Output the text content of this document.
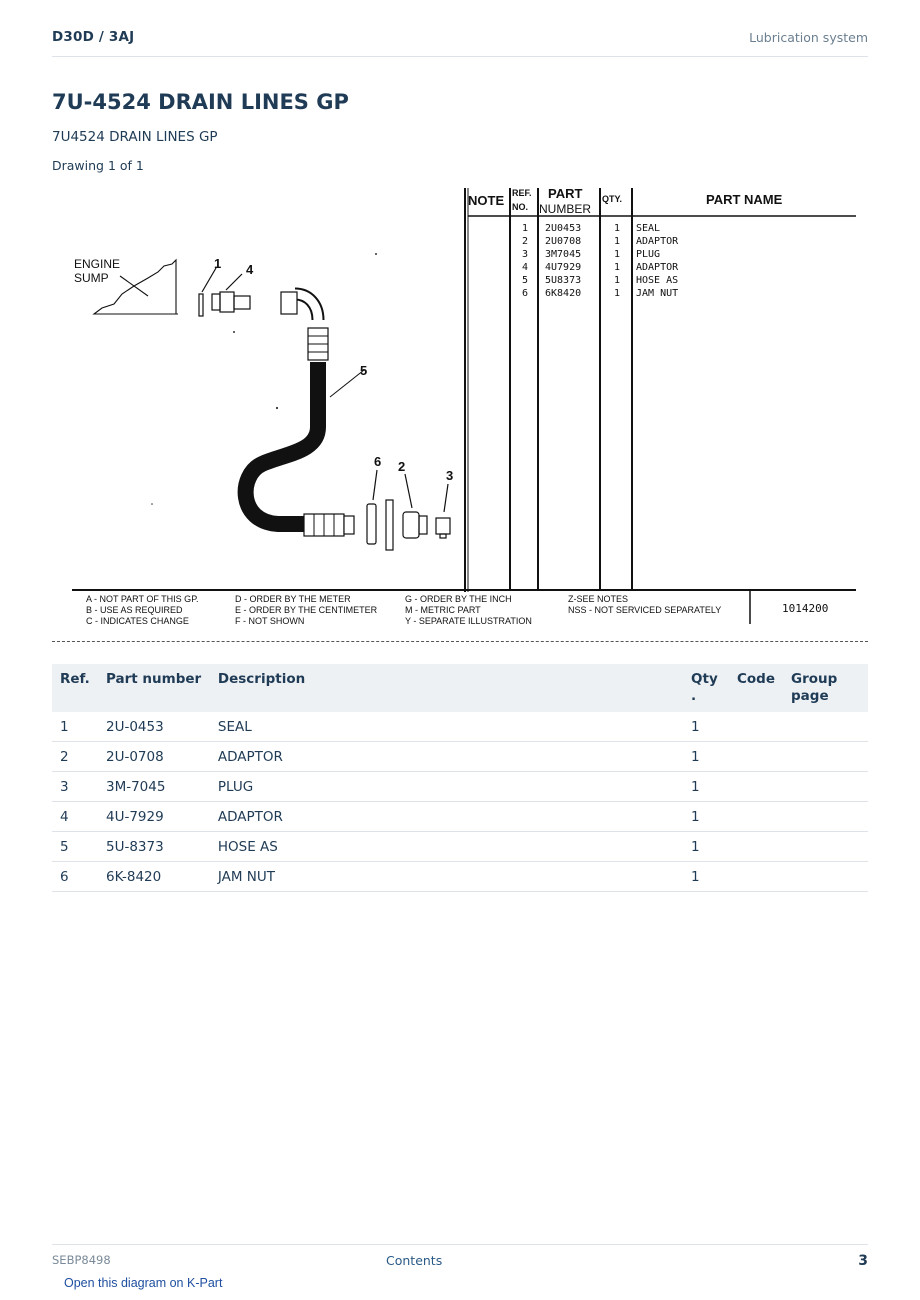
D30D / 3AJ	Lubrication system
7U-4524 DRAIN LINES GP
7U4524 DRAIN LINES GP
Drawing 1 of 1
ENGINE
SUMP
1 4
5
6 2
3
NOTE REF.
NO.
PART
NUMBER
QTY.	PART NAME
1 2U0453	1 SEAL
2 2U0708	1 ADAPTOR
3 3M7045	1 PLUG
4 4U7929	1 ADAPTOR
5 5U8373	1 HOSE AS
6 6K8420	1 JAM NUT
A - NOT PART OF THIS GP.
B - USE AS REQUIRED
C - INDICATES CHANGE
D - ORDER BY THE METER
E - ORDER BY THE CENTIMETER
F - NOT SHOWN
G - ORDER BY THE INCH
M - METRIC PART
Y - SEPARATE ILLUSTRATION
Z-SEE NOTES
NSS - NOT SERVICED SEPARATELY	1014200
Ref.	Part number	Description	Qty
.	Code	Group
page
1	2U-0453	SEAL	1		
2	2U-0708	ADAPTOR	1		
3	3M-7045	PLUG	1		
4	4U-7929	ADAPTOR	1		
5	5U-8373	HOSE AS	1		
6	6K-8420	JAM NUT	1		
SEBP8498	Contents	3
Open this diagram on K-Part
